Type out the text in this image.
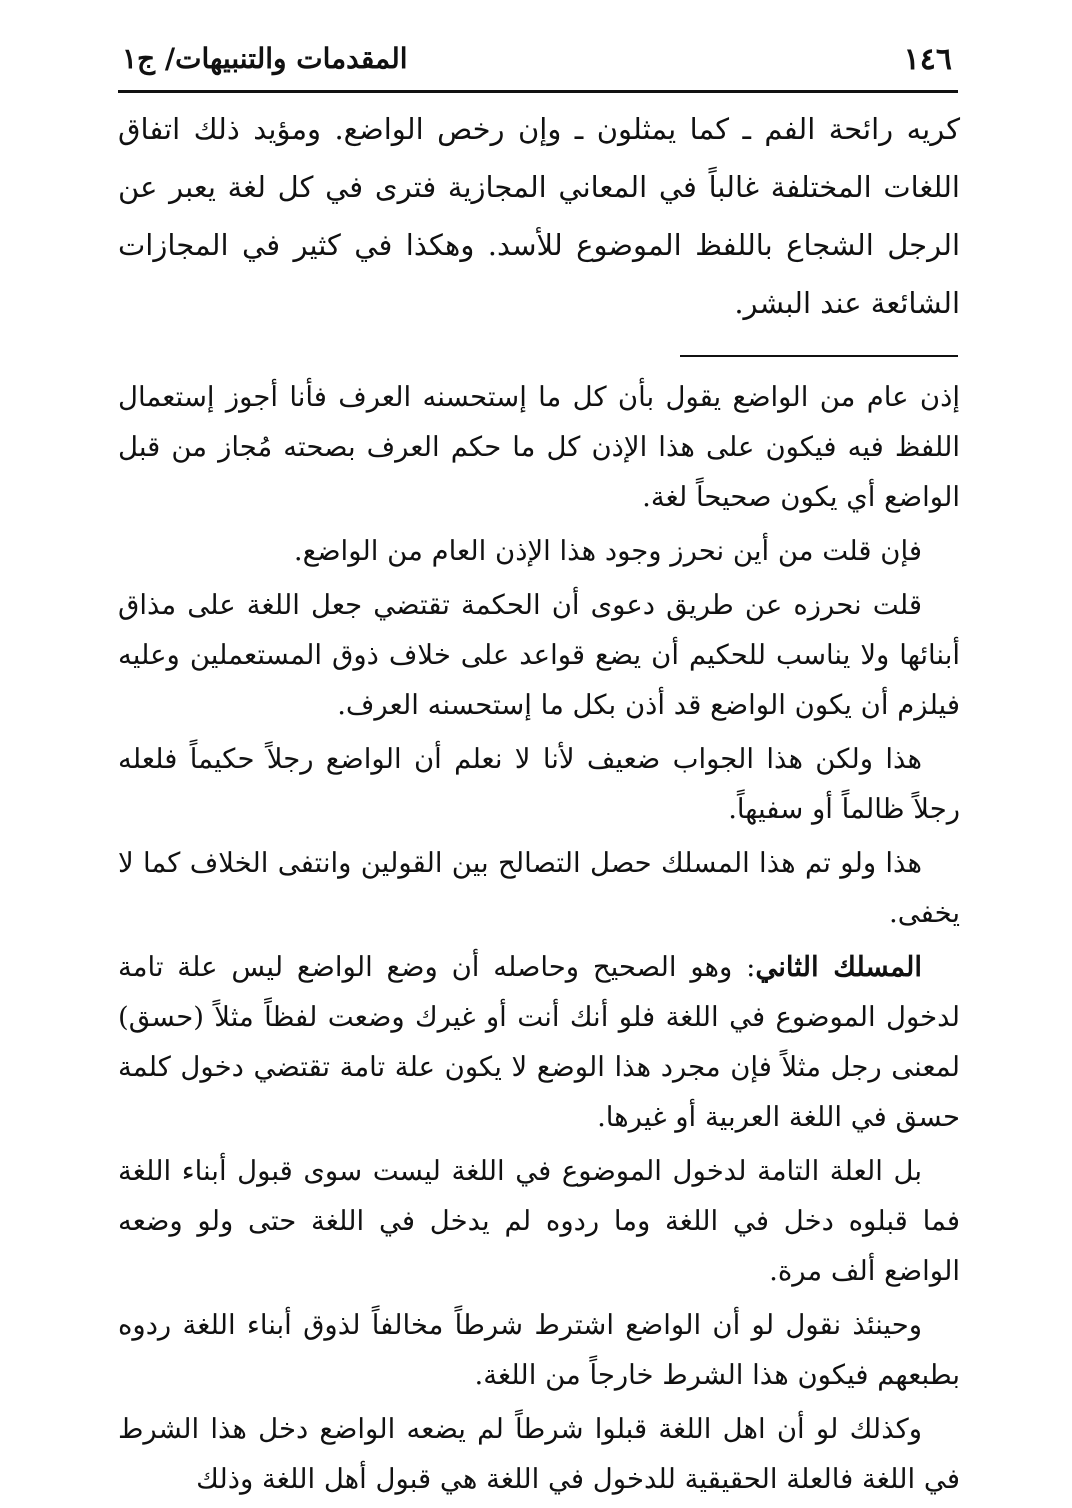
١٤٦
المقدمات والتنبيهات/ ج١

كريه رائحة الفم ـ كما يمثلون ـ وإن رخص الواضع. ومؤيد ذلك اتفاق اللغات المختلفة غالباً في المعاني المجازية فترى في كل لغة يعبر عن الرجل الشجاع باللفظ الموضوع للأسد. وهكذا في كثير في المجازات الشائعة عند البشر.

إذن عام من الواضع يقول بأن كل ما إستحسنه العرف فأنا أجوز إستعمال اللفظ فيه فيكون على هذا الإذن كل ما حكم العرف بصحته مُجاز من قبل الواضع أي يكون صحيحاً لغة.

فإن قلت من أين نحرز وجود هذا الإذن العام من الواضع.

قلت نحرزه عن طريق دعوى أن الحكمة تقتضي جعل اللغة على مذاق أبنائها ولا يناسب للحكيم أن يضع قواعد على خلاف ذوق المستعملين وعليه فيلزم أن يكون الواضع قد أذن بكل ما إستحسنه العرف.

هذا ولكن هذا الجواب ضعيف لأنا لا نعلم أن الواضع رجلاً حكيماً فلعله رجلاً ظالماً أو سفيهاً.

هذا ولو تم هذا المسلك حصل التصالح بين القولين وانتفى الخلاف كما لا يخفى.

المسلك الثاني: وهو الصحيح وحاصله أن وضع الواضع ليس علة تامة لدخول الموضوع في اللغة فلو أنك أنت أو غيرك وضعت لفظاً مثلاً (حسق) لمعنى رجل مثلاً فإن مجرد هذا الوضع لا يكون علة تامة تقتضي دخول كلمة حسق في اللغة العربية أو غيرها.

بل العلة التامة لدخول الموضوع في اللغة ليست سوى قبول أبناء اللغة فما قبلوه دخل في اللغة وما ردوه لم يدخل في اللغة حتى ولو وضعه الواضع ألف مرة.

وحينئذ نقول لو أن الواضع اشترط شرطاً مخالفاً لذوق أبناء اللغة ردوه بطبعهم فيكون هذا الشرط خارجاً من اللغة.

وكذلك لو أن اهل اللغة قبلوا شرطاً لم يضعه الواضع دخل هذا الشرط في اللغة فالعلة الحقيقية للدخول في اللغة هي قبول أهل اللغة وذلك
